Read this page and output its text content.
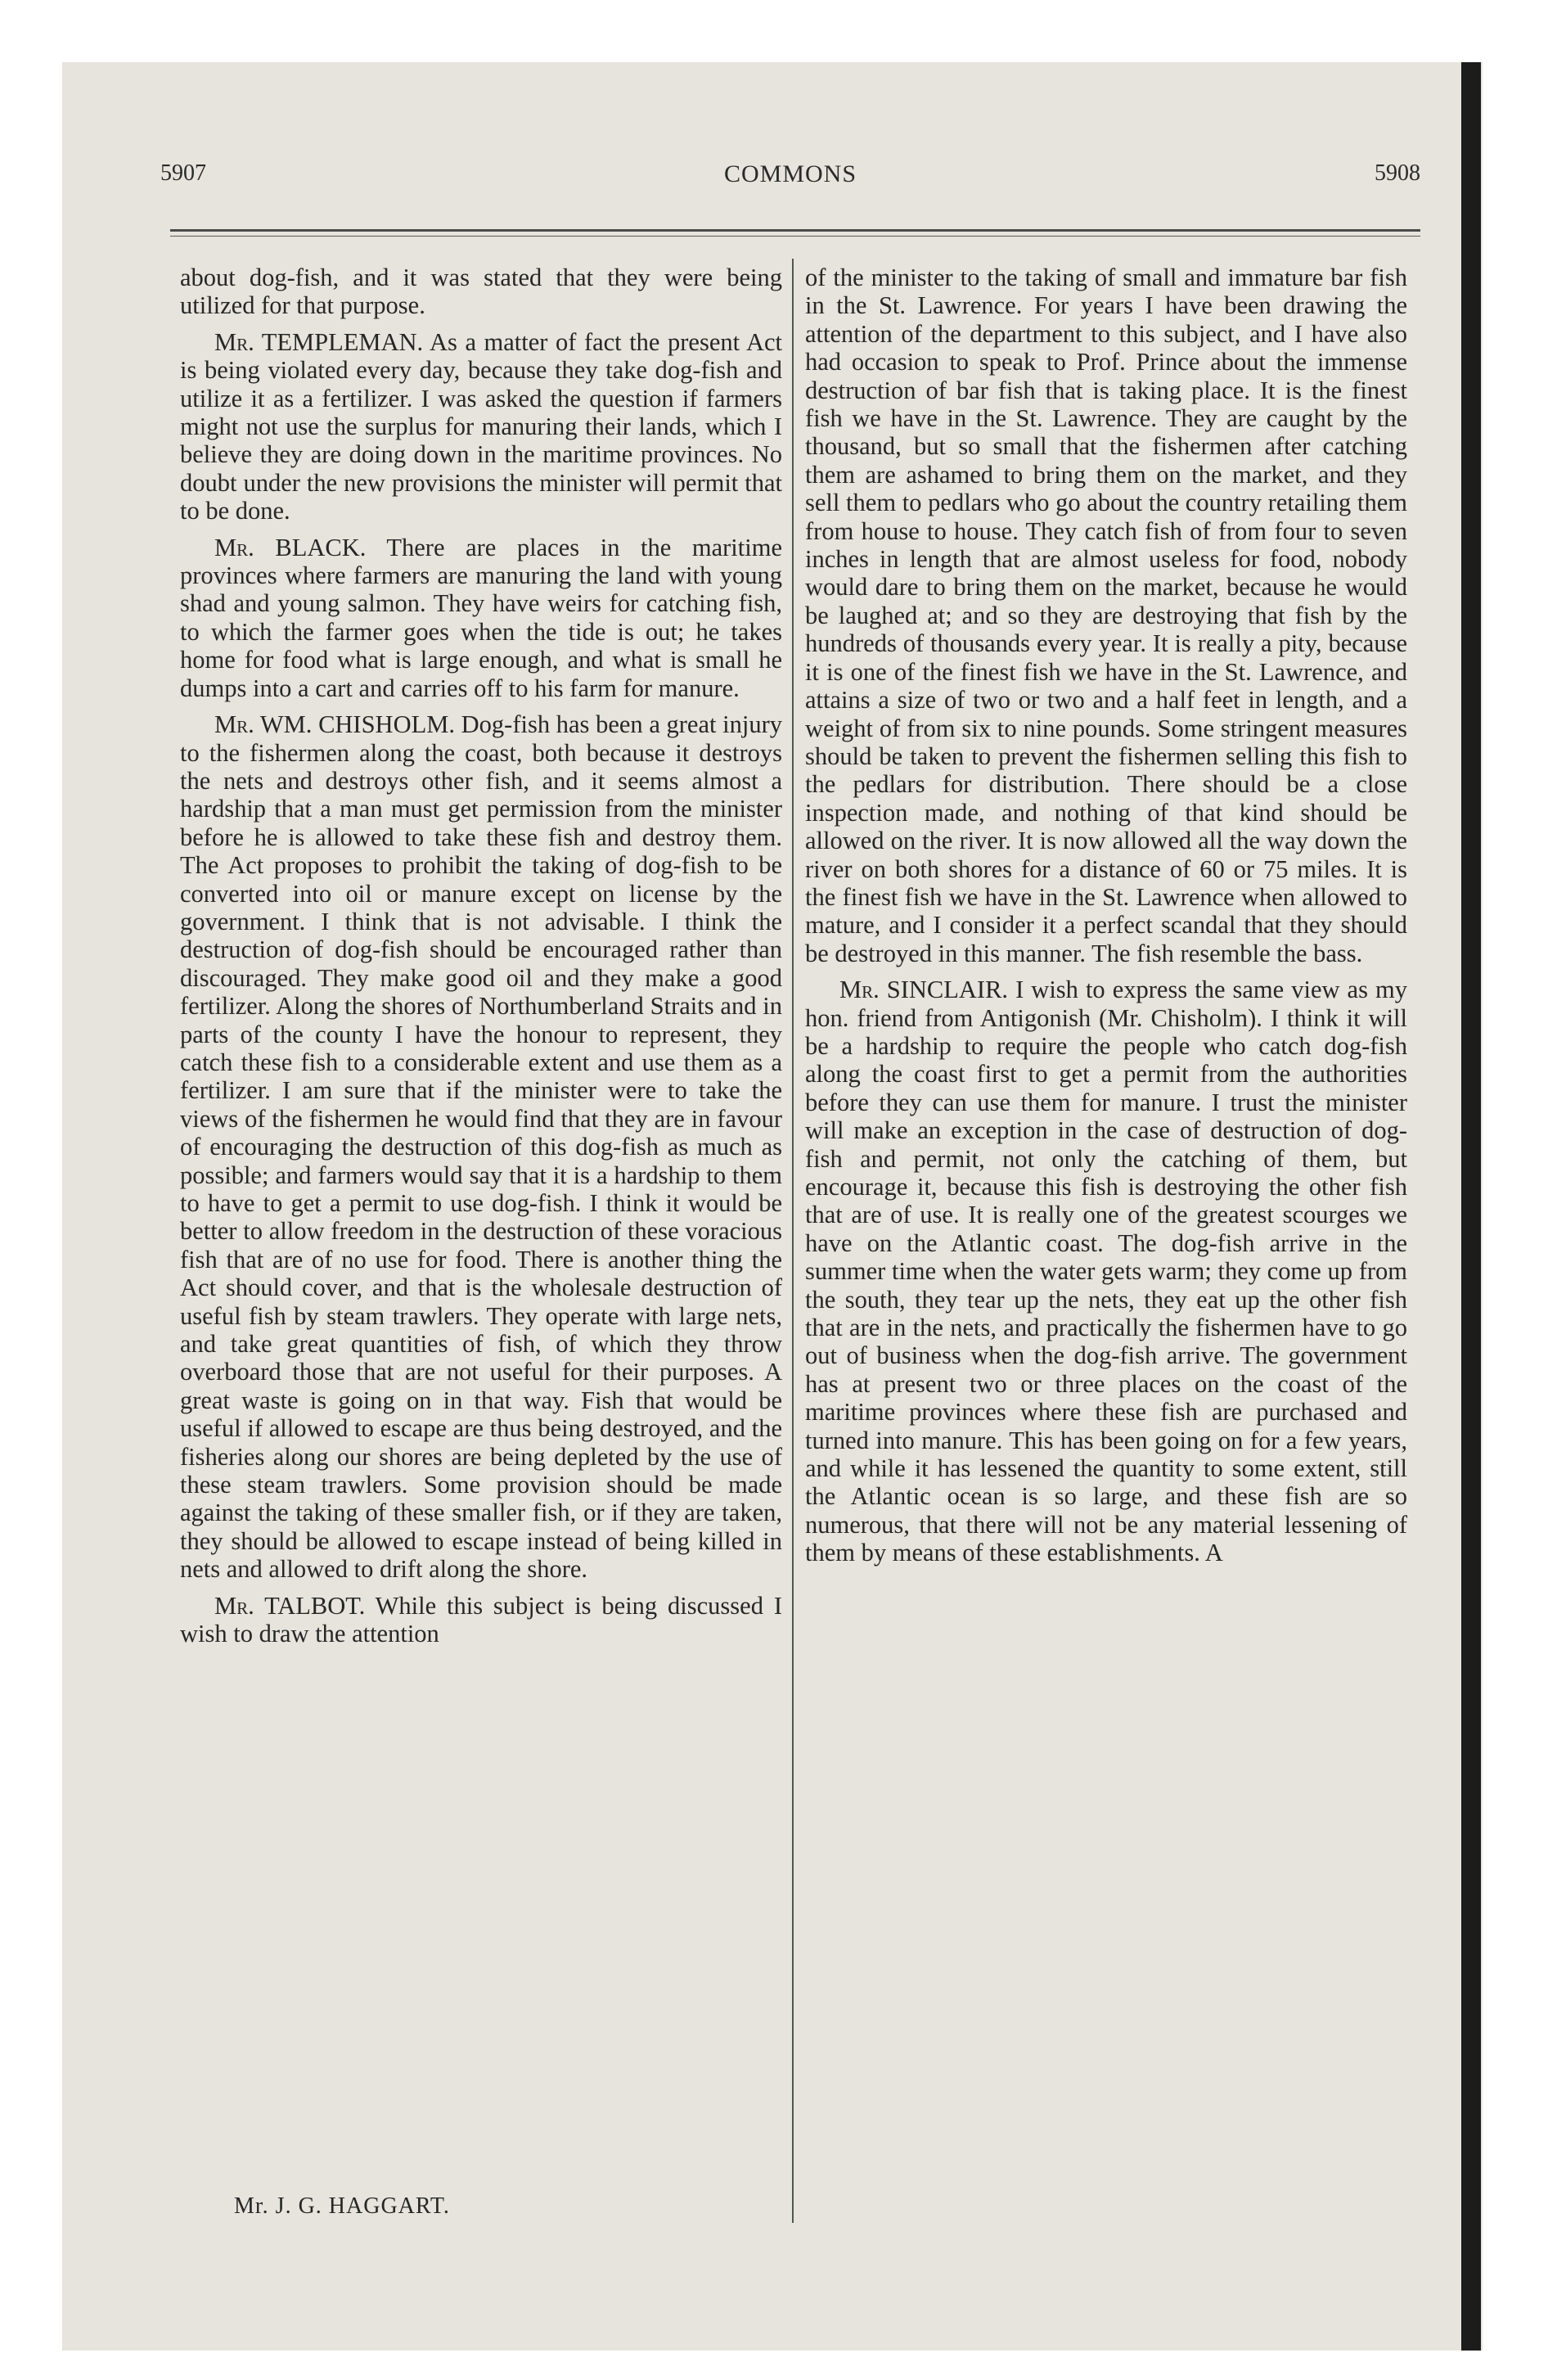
5907	COMMONS	5908

about dog-fish, and it was stated that they were being utilized for that purpose.

Mr. TEMPLEMAN. As a matter of fact the present Act is being violated every day, because they take dog-fish and utilize it as a fertilizer. I was asked the question if farmers might not use the surplus for manuring their lands, which I believe they are doing down in the maritime provinces. No doubt under the new provisions the minister will permit that to be done.

Mr. BLACK. There are places in the maritime provinces where farmers are manuring the land with young shad and young salmon. They have weirs for catching fish, to which the farmer goes when the tide is out; he takes home for food what is large enough, and what is small he dumps into a cart and carries off to his farm for manure.

Mr. WM. CHISHOLM. Dog-fish has been a great injury to the fishermen along the coast, both because it destroys the nets and destroys other fish, and it seems almost a hardship that a man must get permission from the minister before he is allowed to take these fish and destroy them. The Act proposes to prohibit the taking of dog-fish to be converted into oil or manure except on license by the government. I think that is not advisable. I think the destruction of dog-fish should be encouraged rather than discouraged. They make good oil and they make a good fertilizer. Along the shores of Northumberland Straits and in parts of the county I have the honour to represent, they catch these fish to a considerable extent and use them as a fertilizer. I am sure that if the minister were to take the views of the fishermen he would find that they are in favour of encouraging the destruction of this dog-fish as much as possible; and farmers would say that it is a hardship to them to have to get a permit to use dog-fish. I think it would be better to allow freedom in the destruction of these voracious fish that are of no use for food. There is another thing the Act should cover, and that is the wholesale destruction of useful fish by steam trawlers. They operate with large nets, and take great quantities of fish, of which they throw overboard those that are not useful for their purposes. A great waste is going on in that way. Fish that would be useful if allowed to escape are thus being destroyed, and the fisheries along our shores are being depleted by the use of these steam trawlers. Some provision should be made against the taking of these smaller fish, or if they are taken, they should be allowed to escape instead of being killed in nets and allowed to drift along the shore.

Mr. TALBOT. While this subject is being discussed I wish to draw the attention

of the minister to the taking of small and immature bar fish in the St. Lawrence. For years I have been drawing the attention of the department to this subject, and I have also had occasion to speak to Prof. Prince about the immense destruction of bar fish that is taking place. It is the finest fish we have in the St. Lawrence. They are caught by the thousand, but so small that the fishermen after catching them are ashamed to bring them on the market, and they sell them to pedlars who go about the country retailing them from house to house. They catch fish of from four to seven inches in length that are almost useless for food, nobody would dare to bring them on the market, because he would be laughed at; and so they are destroying that fish by the hundreds of thousands every year. It is really a pity, because it is one of the finest fish we have in the St. Lawrence, and attains a size of two or two and a half feet in length, and a weight of from six to nine pounds. Some stringent measures should be taken to prevent the fishermen selling this fish to the pedlars for distribution. There should be a close inspection made, and nothing of that kind should be allowed on the river. It is now allowed all the way down the river on both shores for a distance of 60 or 75 miles. It is the finest fish we have in the St. Lawrence when allowed to mature, and I consider it a perfect scandal that they should be destroyed in this manner. The fish resemble the bass.

Mr. SINCLAIR. I wish to express the same view as my hon. friend from Antigonish (Mr. Chisholm). I think it will be a hardship to require the people who catch dog-fish along the coast first to get a permit from the authorities before they can use them for manure. I trust the minister will make an exception in the case of destruction of dog-fish and permit, not only the catching of them, but encourage it, because this fish is destroying the other fish that are of use. It is really one of the greatest scourges we have on the Atlantic coast. The dog-fish arrive in the summer time when the water gets warm; they come up from the south, they tear up the nets, they eat up the other fish that are in the nets, and practically the fishermen have to go out of business when the dog-fish arrive. The government has at present two or three places on the coast of the maritime provinces where these fish are purchased and turned into manure. This has been going on for a few years, and while it has lessened the quantity to some extent, still the Atlantic ocean is so large, and these fish are so numerous, that there will not be any material lessening of them by means of these establishments. A

Mr. J. G. HAGGART.
